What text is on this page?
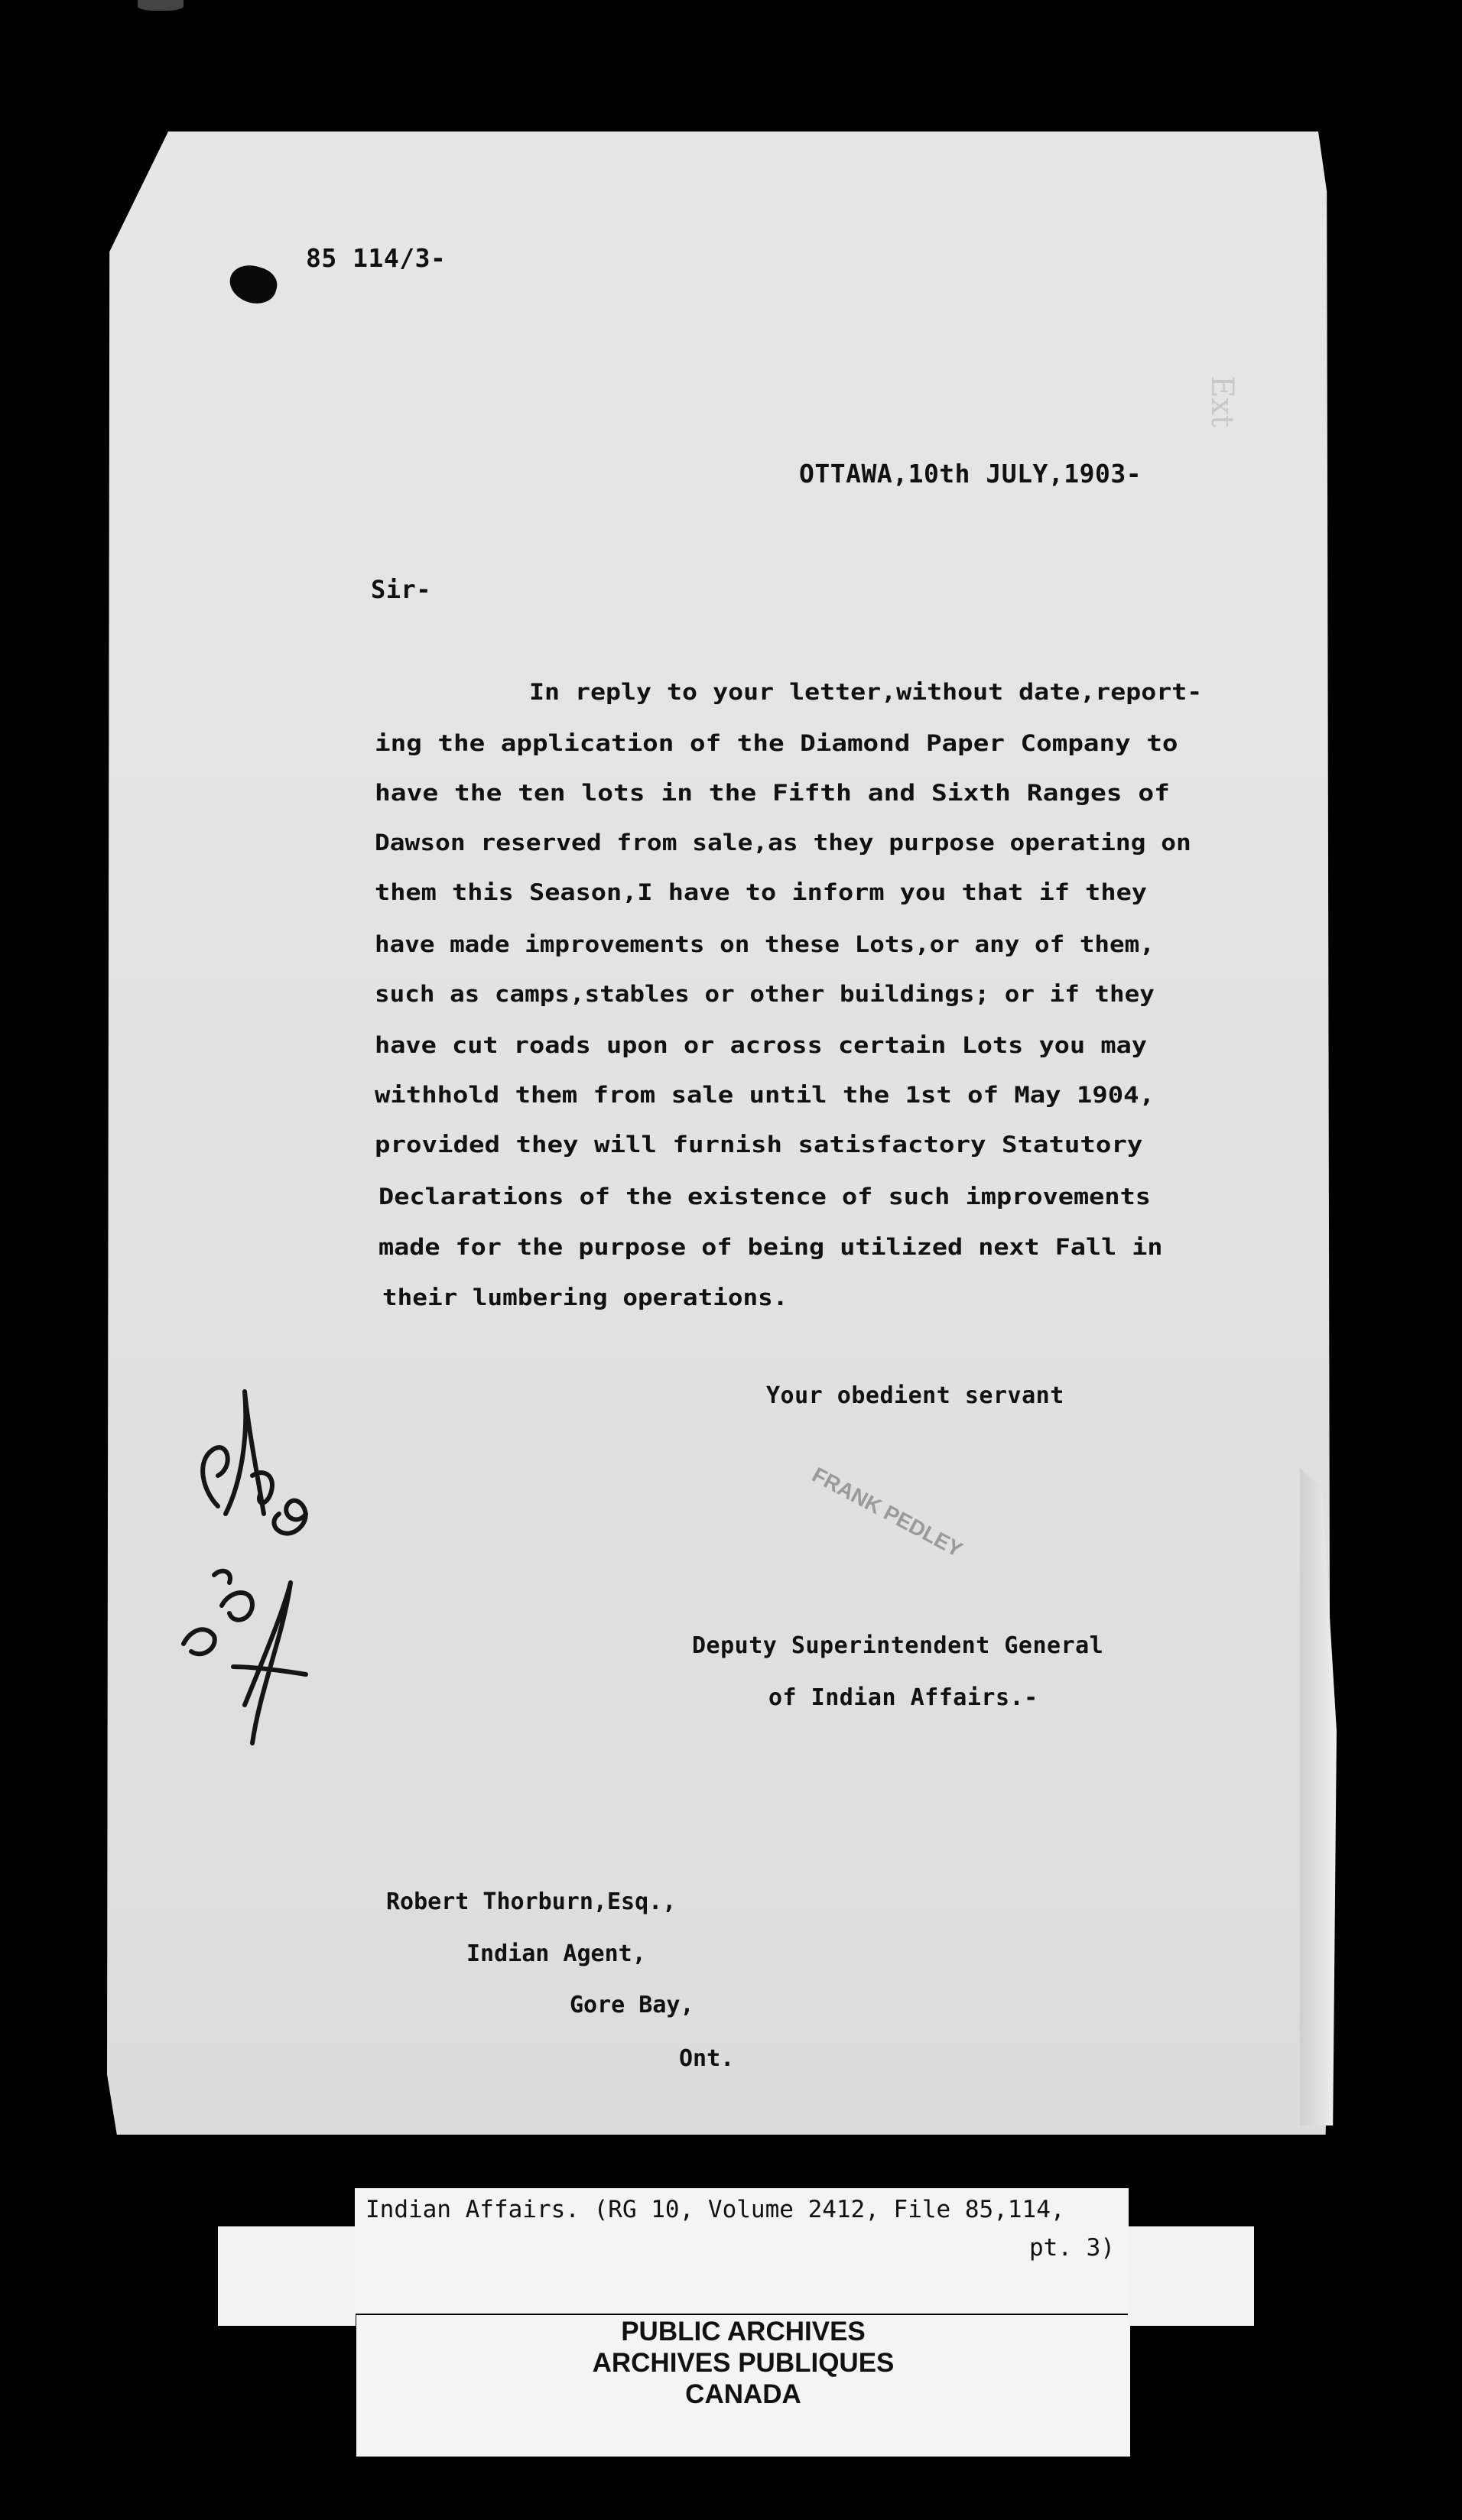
85 114/3-
Ext
OTTAWA,10th JULY,1903-
Sir-
In reply to your letter,without date,report-
ing the application of the Diamond Paper Company to
have the ten lots in the Fifth and Sixth Ranges of
Dawson reserved from sale,as they purpose operating on
them this Season,I have to inform you that if they
have made improvements on these Lots,or any of them,
such as camps,stables or other buildings; or if they
have cut roads upon or across certain Lots you may
withhold them from sale until the 1st of May 1904,
provided they will furnish satisfactory Statutory
Declarations of the existence of such improvements
made for the purpose of being utilized next Fall in
their lumbering operations.
Your obedient servant
FRANK PEDLEY
Deputy Superintendent General
of Indian Affairs.-
Robert Thorburn,Esq.,
Indian Agent,
Gore Bay,
Ont.
Indian Affairs. (RG 10, Volume 2412, File 85,114,
pt. 3)
PUBLIC ARCHIVES
ARCHIVES PUBLIQUES
CANADA
